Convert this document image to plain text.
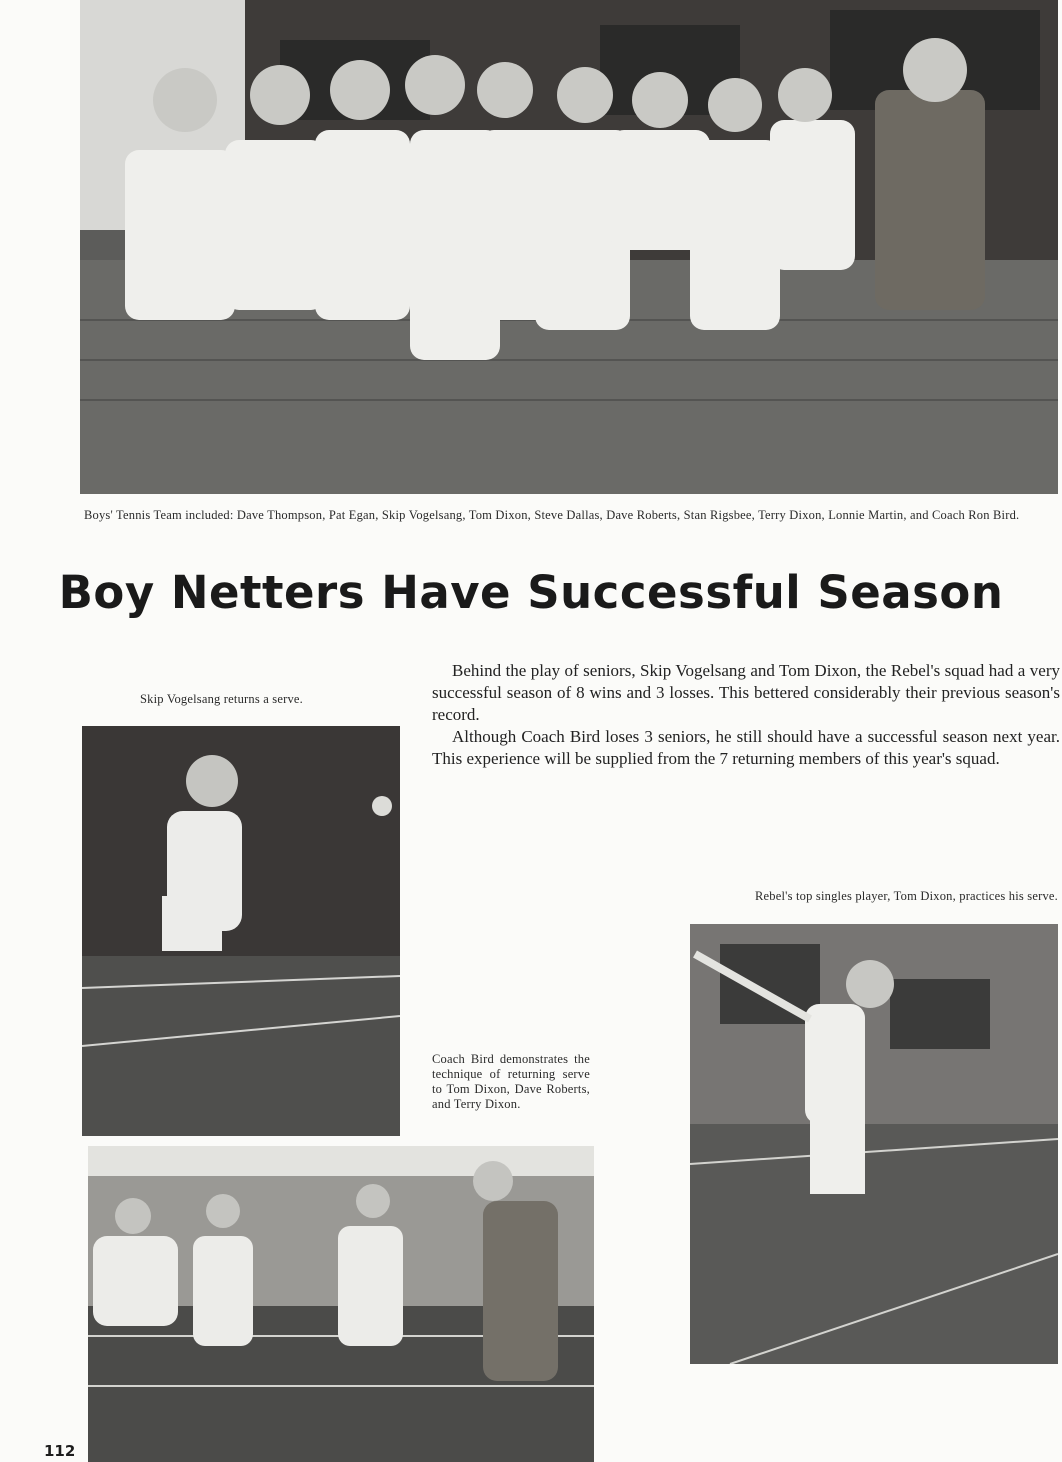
Boys' Tennis Team included: Dave Thompson, Pat Egan, Skip Vogelsang, Tom Dixon, Steve Dallas, Dave Roberts, Stan Rigsbee, Terry Dixon, Lonnie Martin, and Coach Ron Bird.
Boy Netters Have Successful Season

Behind the play of seniors, Skip Vogelsang and Tom Dixon, the Rebel's squad had a very successful season of 8 wins and 3 losses. This bettered considerably their previous season's record.

Although Coach Bird loses 3 seniors, he still should have a successful season next year. This experience will be supplied from the 7 returning members of this year's squad.

Skip Vogelsang returns a serve.
Rebel's top singles player, Tom Dixon, practices his serve.
Coach Bird demonstrates the technique of returning serve to Tom Dixon, Dave Roberts, and Terry Dixon.
112
